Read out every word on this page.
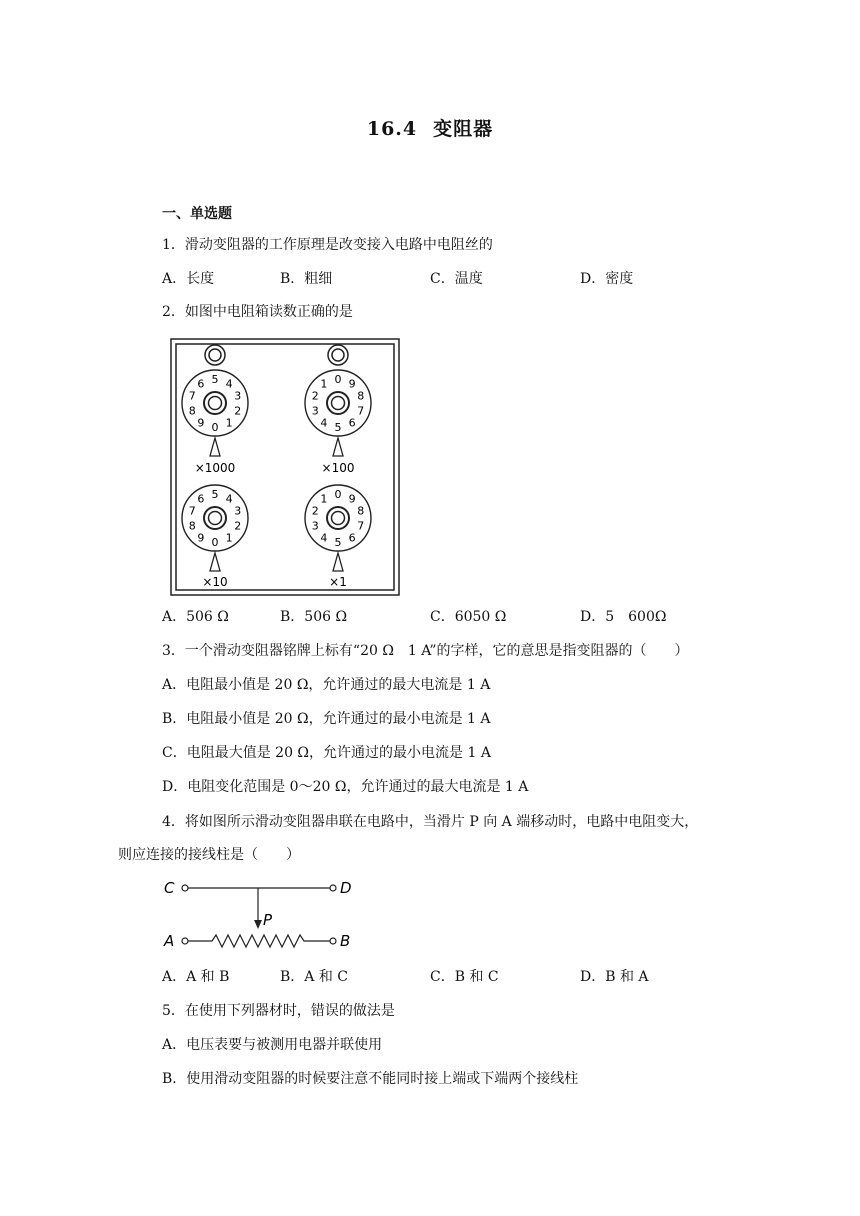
16.4 变阻器
一、单选题
1．滑动变阻器的工作原理是改变接入电路中电阻丝的
A．长度	B．粗细	C．温度	D．密度
2．如图中电阻箱读数正确的是
0 1
2
3
4
5
6
7
8
9
×1000
0
1
2
3
4 5 6
7
8
9
×100
0 1
2
3
4
5
6
7
8
9
×10
0
1
2
3
4 5 6
7
8
9
×1
A．506 Ω	B．506 Ω	C．6050 Ω	D．5　600Ω
3．一个滑动变阻器铭牌上标有“20 Ω　1 A”的字样，它的意思是指变阻器的（　　）
A．电阻最小值是 20 Ω，允许通过的最大电流是 1 A
B．电阻最小值是 20 Ω，允许通过的最小电流是 1 A
C．电阻最大值是 20 Ω，允许通过的最小电流是 1 A
D．电阻变化范围是 0～20 Ω，允许通过的最大电流是 1 A
4．将如图所示滑动变阻器串联在电路中，当滑片 P 向 A 端移动时，电路中电阻变大，
则应连接的接线柱是（　　）
C	D
P
A	B
A．A 和 B	B．A 和 C	C．B 和 C	D．B 和 A
5．在使用下列器材时，错误的做法是
A．电压表要与被测用电器并联使用
B．使用滑动变阻器的时候要注意不能同时接上端或下端两个接线柱
